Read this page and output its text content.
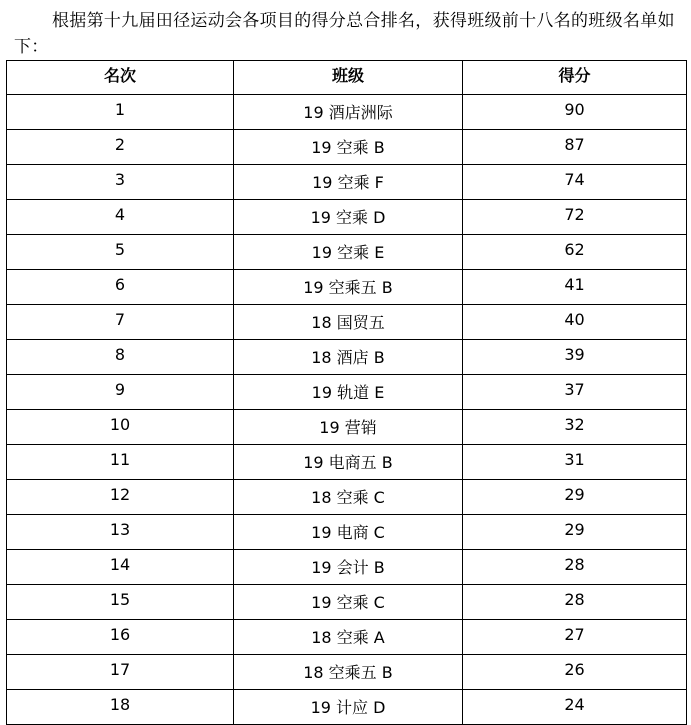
根据第十九届田径运动会各项目的得分总合排名，获得班级前十八名的班级名单如下：

名次	班级	得分
1	19 酒店洲际	90
2	19 空乘 B	87
3	19 空乘 F	74
4	19 空乘 D	72
5	19 空乘 E	62
6	19 空乘五 B	41
7	18 国贸五	40
8	18 酒店 B	39
9	19 轨道 E	37
10	19 营销	32
11	19 电商五 B	31
12	18 空乘 C	29
13	19 电商 C	29
14	19 会计 B	28
15	19 空乘 C	28
16	18 空乘 A	27
17	18 空乘五 B	26
18	19 计应 D	24
